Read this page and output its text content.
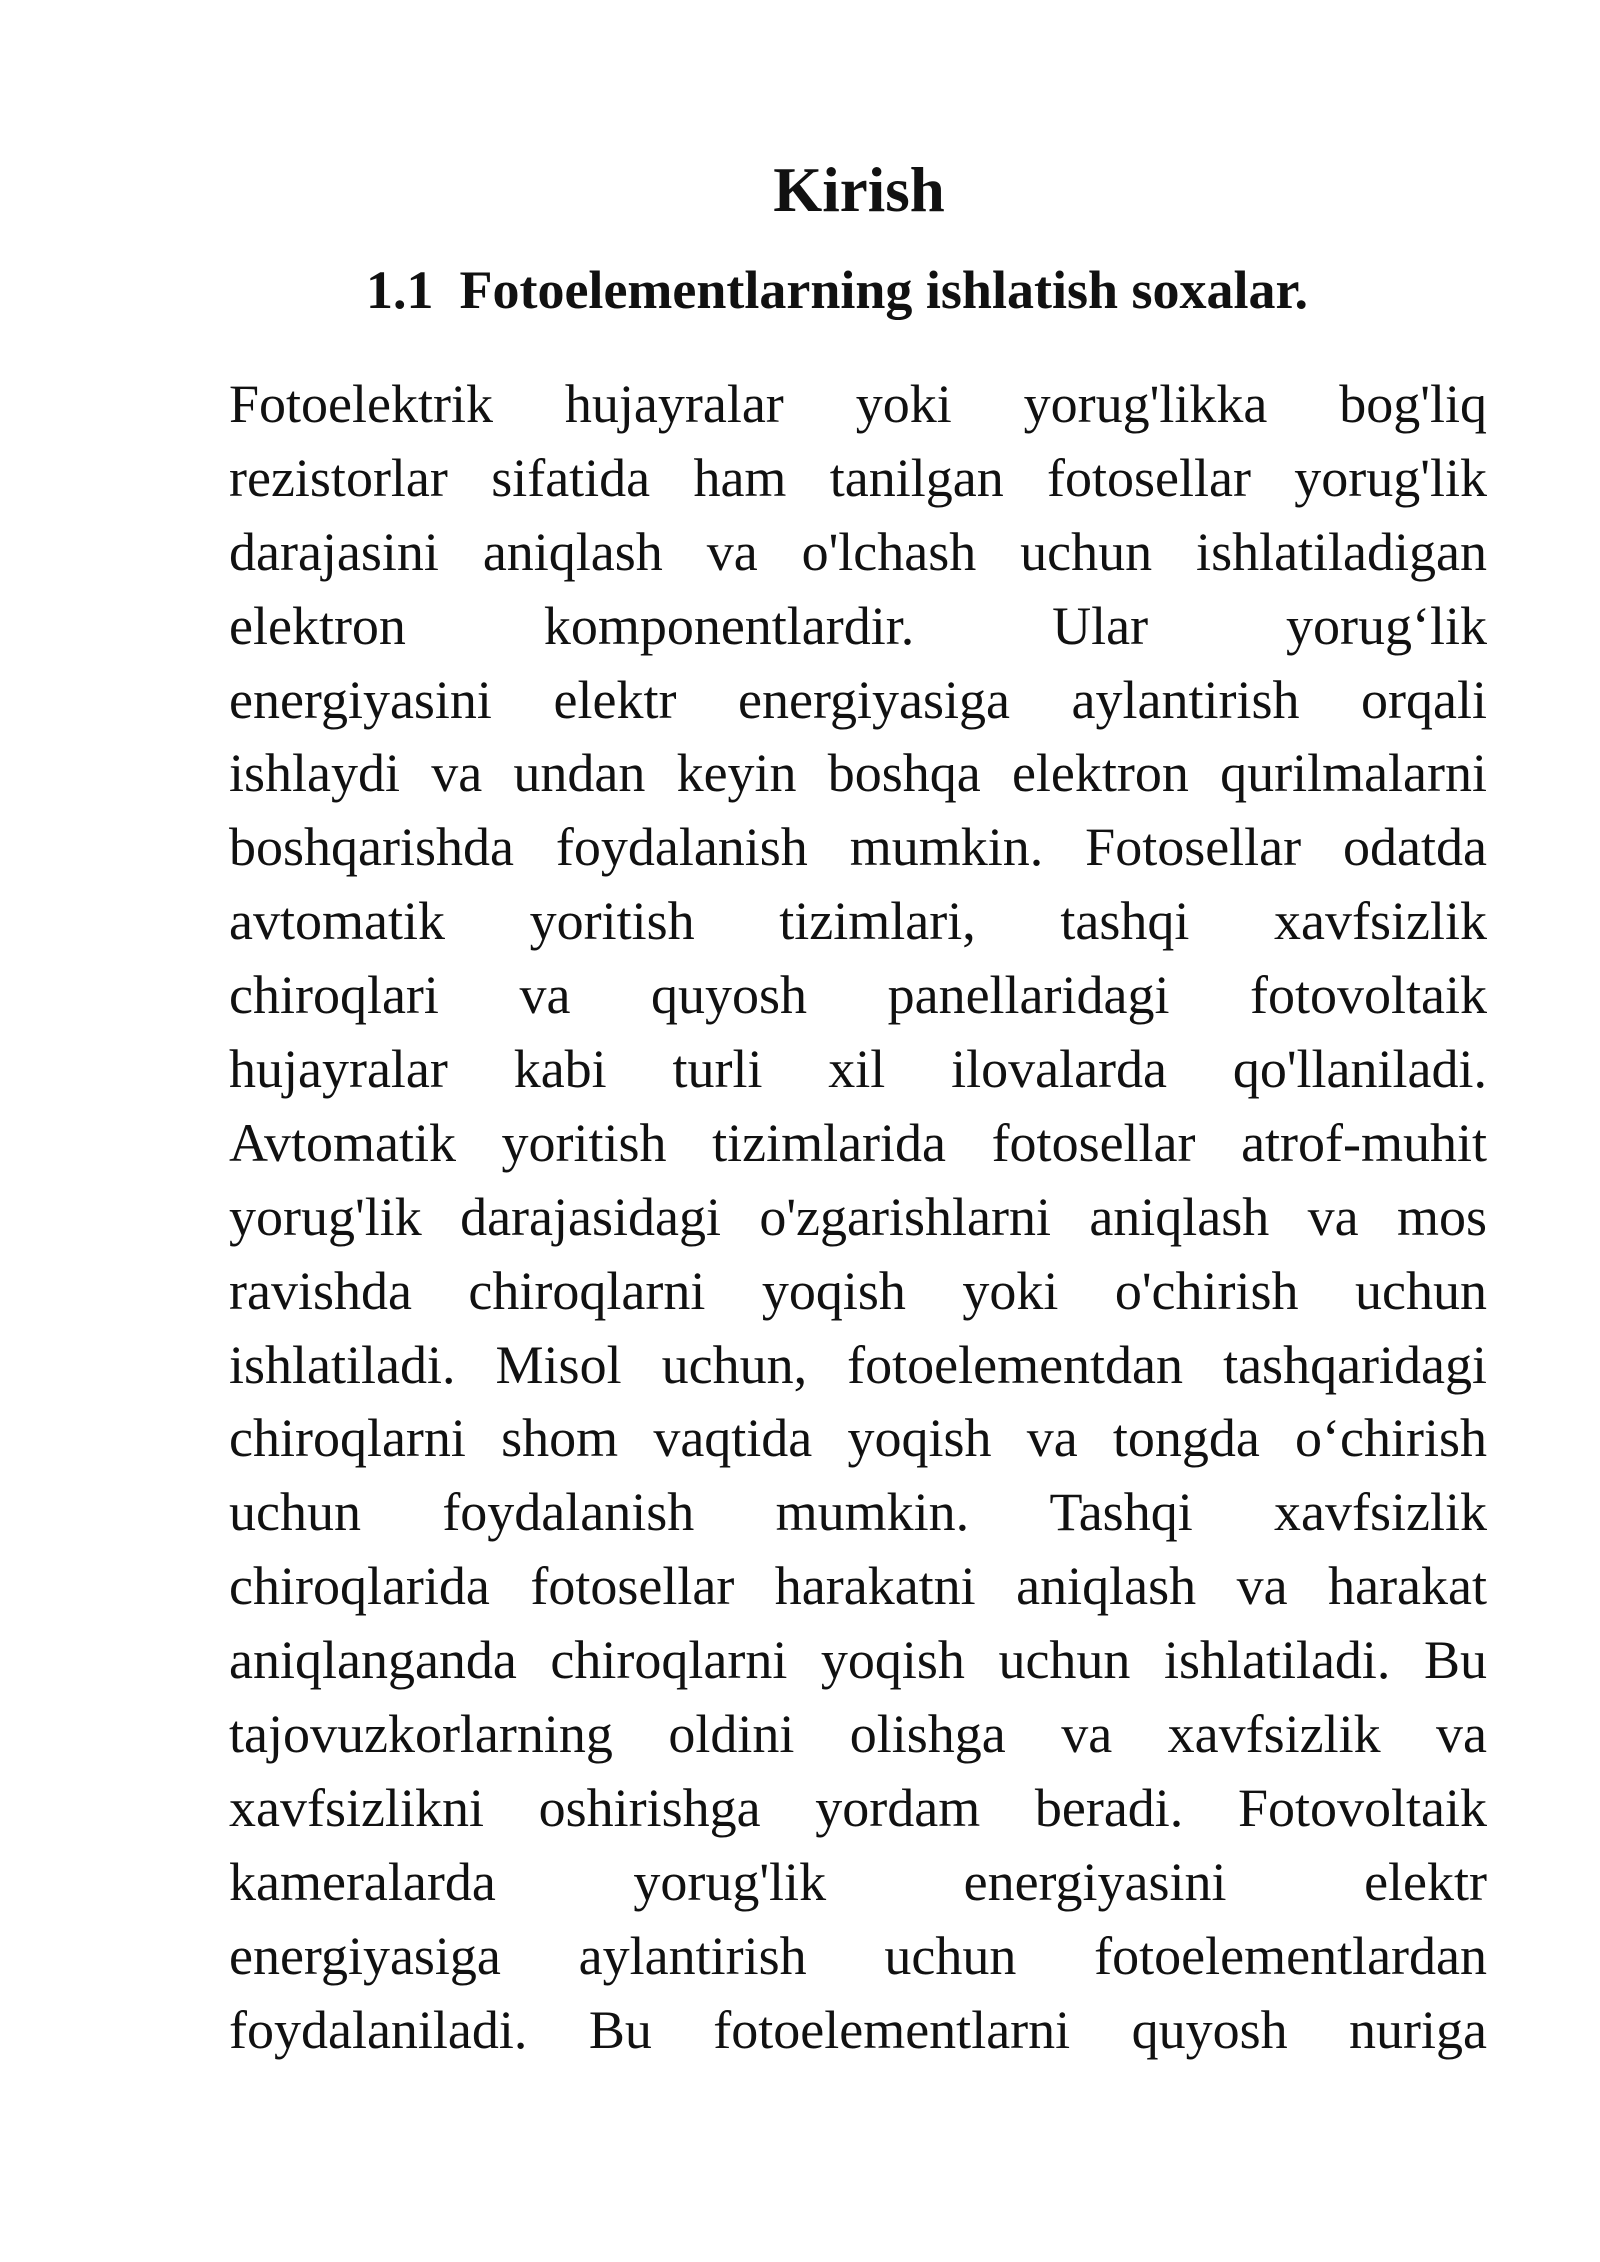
Kirish
1.1 Fotoelementlarning ishlatish soxalar.
Fotoelektrik hujayralar yoki yorug'likka bog'liq
rezistorlar sifatida ham tanilgan fotosellar yorug'lik
darajasini aniqlash va o'lchash uchun ishlatiladigan
elektron komponentlardir. Ular yorug‘lik
energiyasini elektr energiyasiga aylantirish orqali
ishlaydi va undan keyin boshqa elektron qurilmalarni
boshqarishda foydalanish mumkin. Fotosellar odatda
avtomatik yoritish tizimlari, tashqi xavfsizlik
chiroqlari va quyosh panellaridagi fotovoltaik
hujayralar kabi turli xil ilovalarda qo'llaniladi.
Avtomatik yoritish tizimlarida fotosellar atrof-muhit
yorug'lik darajasidagi o'zgarishlarni aniqlash va mos
ravishda chiroqlarni yoqish yoki o'chirish uchun
ishlatiladi. Misol uchun, fotoelementdan tashqaridagi
chiroqlarni shom vaqtida yoqish va tongda o‘chirish
uchun foydalanish mumkin. Tashqi xavfsizlik
chiroqlarida fotosellar harakatni aniqlash va harakat
aniqlanganda chiroqlarni yoqish uchun ishlatiladi. Bu
tajovuzkorlarning oldini olishga va xavfsizlik va
xavfsizlikni oshirishga yordam beradi. Fotovoltaik
kameralarda yorug'lik energiyasini elektr
energiyasiga aylantirish uchun fotoelementlardan
foydalaniladi. Bu fotoelementlarni quyosh nuriga
